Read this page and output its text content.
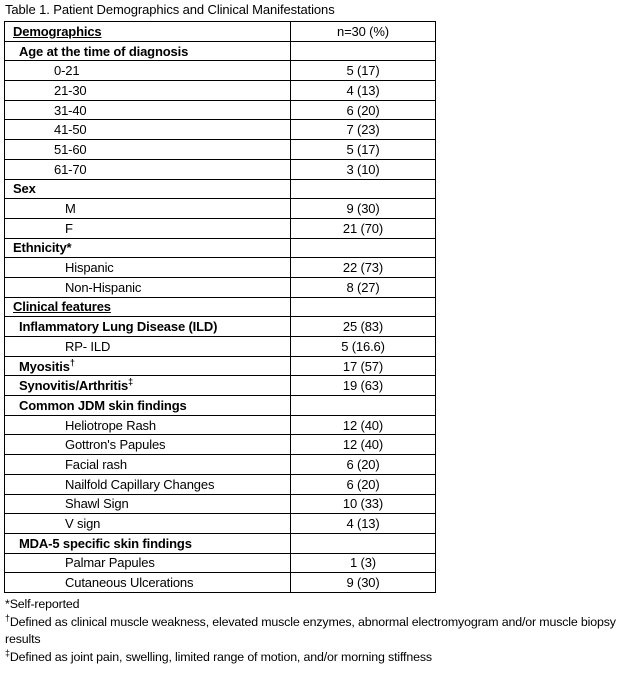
Table 1. Patient Demographics and Clinical Manifestations
Demographics	n=30 (%)
Age at the time of diagnosis	
0-21	5 (17)
21-30	4 (13)
31-40	6 (20)
41-50	7 (23)
51-60	5 (17)
61-70	3 (10)
Sex	
M	9 (30)
F	21 (70)
Ethnicity*	
Hispanic	22 (73)
Non-Hispanic	8 (27)
Clinical features	
Inflammatory Lung Disease (ILD)	25 (83)
RP- ILD	5 (16.6)
Myositis†	17 (57)
Synovitis/Arthritis‡	19 (63)
Common JDM skin findings	
Heliotrope Rash	12 (40)
Gottron's Papules	12 (40)
Facial rash	6 (20)
Nailfold Capillary Changes	6 (20)
Shawl Sign	10 (33)
V sign	4 (13)
MDA-5 specific skin findings	
Palmar Papules	1 (3)
Cutaneous Ulcerations	9 (30)

*Self-reported

†Defined as clinical muscle weakness, elevated muscle enzymes, abnormal electromyogram and/or muscle biopsy results

‡Defined as joint pain, swelling, limited range of motion, and/or morning stiffness
